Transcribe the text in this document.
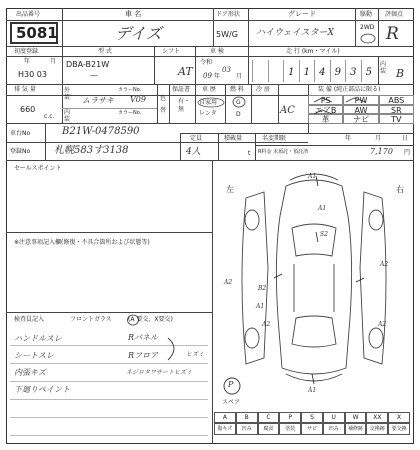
出品番号
5081
車 名
デイズ
ドア形状
5W/G
グレード
ハイウェイスターX
駆動
2WD
評価点
R
初度登録
年	月
H30 03
型 式
DBA-B21W
—
シフト
AT
車 検
令和
09 年
03
月
走 行 (km・マイル)
1 1 4 9 3 5
内装 B
排 気 量
660
c.c.
外装 ムラサキ
カラーNo.
V09
内装
カラーNo.
色
替
保証書
有・無
車 歴
自家用
レンタ
燃 料
G
D
冷 房
AC
装 備 (純正部品に限る)
PS	PW	ABS
エアB	AW	SR
革	ナビ	TV
車台No	B21W-0478590
定員
4人
積載量
t
名変期限	年	月	日
R料金 未預託・預託済	7,170 円
登録No 札幌583す3138
セールスポイント
※注意事項記入欄(修復・不具合箇所および状態等)
検査員記入	フロントガラス	(A 要交、X要交)
ハンドルスレ
シートスレ
内張キズ
下廻りペイント
Rパネル
Rフロア	ヒズミ
ネジロタワサートヒズミ
左	右
A1
A1
S2
A2
B2
A2
A2
A1
A2
A1
P
スペア
A
傷キズ
B
凹み
C
腐食
P
塗装
S
サビ
U
凹み
W
補修跡
XX
交換跡
X
要交換
